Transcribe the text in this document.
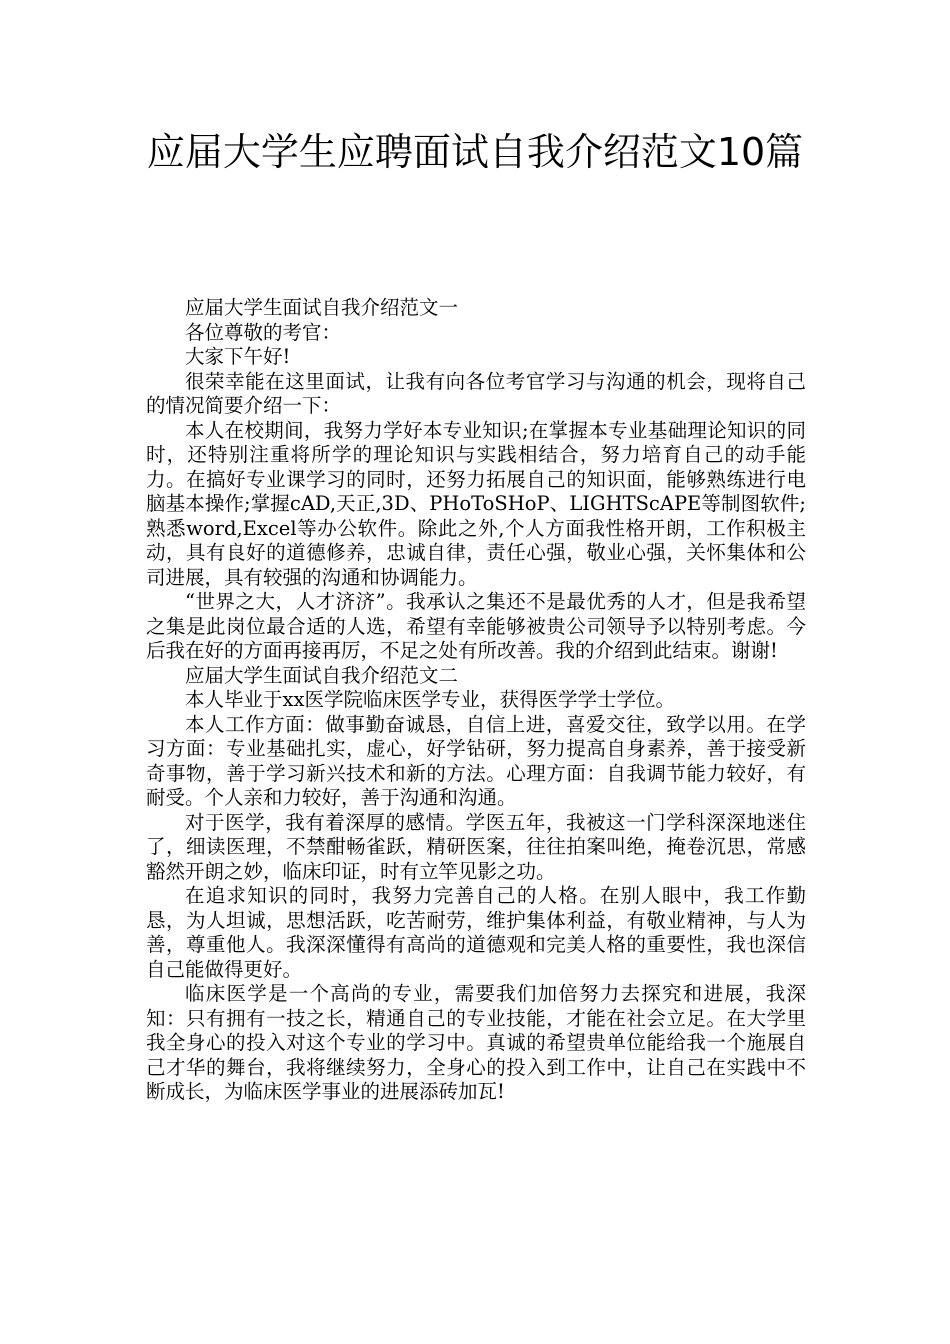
应届大学生应聘面试自我介绍范文10篇

应届大学生面试自我介绍范文一

各位尊敬的考官：

大家下午好!

很荣幸能在这里面试，让我有向各位考官学习与沟通的机会，现将自己的情况简要介绍一下：

本人在校期间，我努力学好本专业知识;在掌握本专业基础理论知识的同时，还特别注重将所学的理论知识与实践相结合，努力培育自己的动手能力。在搞好专业课学习的同时，还努力拓展自己的知识面，能够熟练进行电脑基本操作;掌握cAD,天正,3D、PHoToSHoP、LIGHTScAPE等制图软件;熟悉word,Excel等办公软件。除此之外,个人方面我性格开朗，工作积极主动，具有良好的道德修养，忠诚自律，责任心强，敬业心强，关怀集体和公司进展，具有较强的沟通和协调能力。

“世界之大，人才济济”。我承认之集还不是最优秀的人才，但是我希望之集是此岗位最合适的人选，希望有幸能够被贵公司领导予以特别考虑。今后我在好的方面再接再厉，不足之处有所改善。我的介绍到此结束。谢谢!

应届大学生面试自我介绍范文二

本人毕业于xx医学院临床医学专业，获得医学学士学位。

本人工作方面：做事勤奋诚恳，自信上进，喜爱交往，致学以用。在学习方面：专业基础扎实，虚心，好学钻研，努力提高自身素养，善于接受新奇事物，善于学习新兴技术和新的方法。心理方面：自我调节能力较好，有耐受。个人亲和力较好，善于沟通和沟通。

对于医学，我有着深厚的感情。学医五年，我被这一门学科深深地迷住了，细读医理，不禁酣畅雀跃，精研医案，往往拍案叫绝，掩卷沉思，常感豁然开朗之妙，临床印证，时有立竿见影之功。

在追求知识的同时，我努力完善自己的人格。在别人眼中，我工作勤恳，为人坦诚，思想活跃，吃苦耐劳，维护集体利益，有敬业精神，与人为善，尊重他人。我深深懂得有高尚的道德观和完美人格的重要性，我也深信自己能做得更好。

临床医学是一个高尚的专业，需要我们加倍努力去探究和进展，我深知：只有拥有一技之长，精通自己的专业技能，才能在社会立足。在大学里我全身心的投入对这个专业的学习中。真诚的希望贵单位能给我一个施展自己才华的舞台，我将继续努力，全身心的投入到工作中，让自己在实践中不断成长，为临床医学事业的进展添砖加瓦!
